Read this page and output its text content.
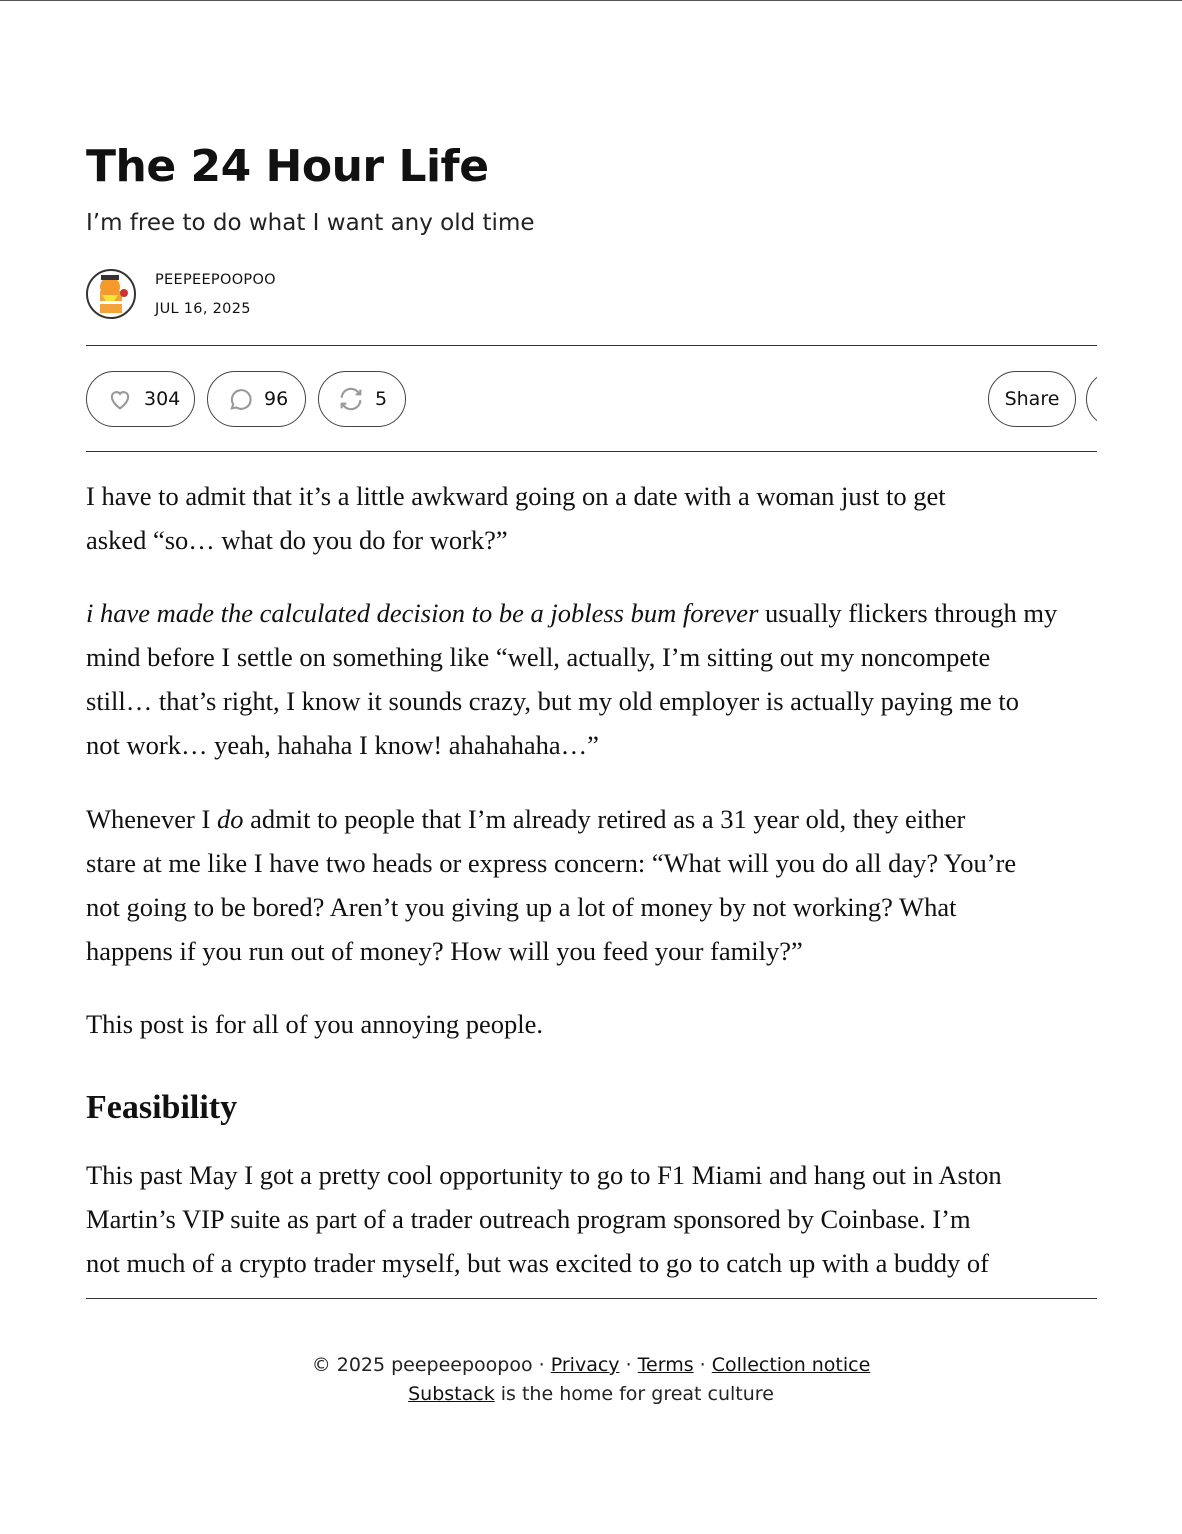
The 24 Hour Life
I’m free to do what I want any old time
PEEPEEPOOPOO
JUL 16, 2025
304	96	5	Share
I have to admit that it’s a little awkward going on a date with a woman just to get
asked “so… what do you do for work?”
i have made the calculated decision to be a jobless bum forever usually flickers through my
mind before I settle on something like “well, actually, I’m sitting out my noncompete
still… that’s right, I know it sounds crazy, but my old employer is actually paying me to
not work… yeah, hahaha I know! ahahahaha…”
Whenever I do admit to people that I’m already retired as a 31 year old, they either
stare at me like I have two heads or express concern: “What will you do all day? You’re
not going to be bored? Aren’t you giving up a lot of money by not working? What
happens if you run out of money? How will you feed your family?”
This post is for all of you annoying people.
Feasibility
This past May I got a pretty cool opportunity to go to F1 Miami and hang out in Aston
Martin’s VIP suite as part of a trader outreach program sponsored by Coinbase. I’m
not much of a crypto trader myself, but was excited to go to catch up with a buddy of
© 2025 peepeepoopoo · Privacy · Terms · Collection notice
Substack is the home for great culture
